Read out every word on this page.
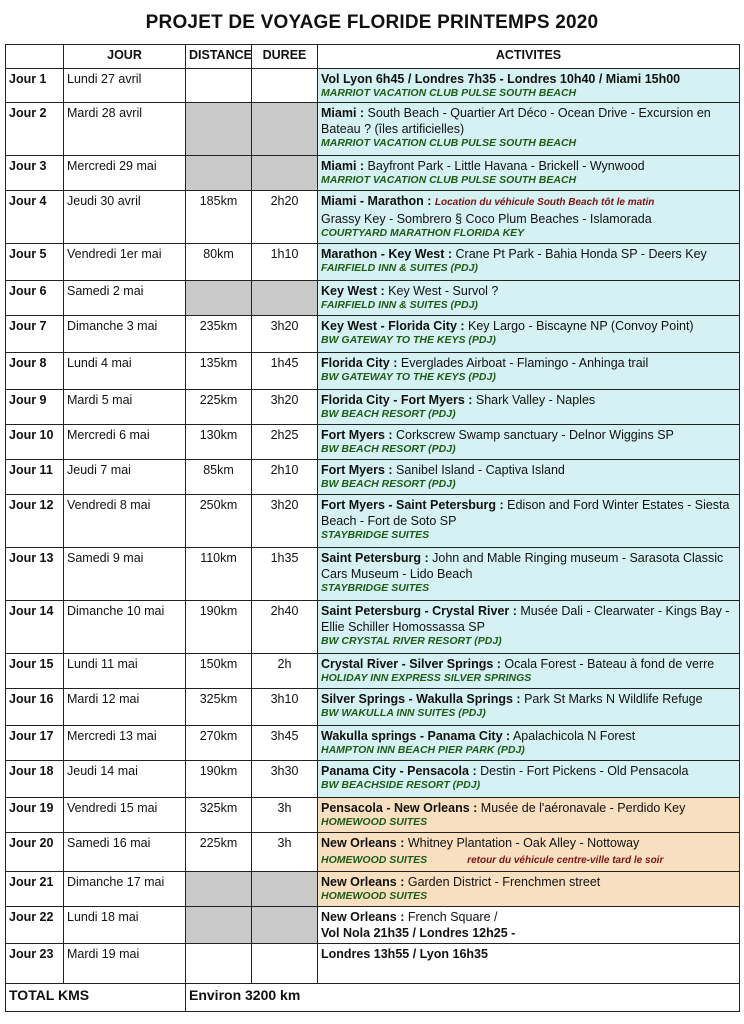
PROJET DE VOYAGE FLORIDE PRINTEMPS 2020
	JOUR	DISTANCE	DUREE	ACTIVITES
Jour 1	Lundi 27 avril			Vol Lyon 6h45 / Londres 7h35 - Londres 10h40 / Miami 15h00
MARRIOT VACATION CLUB PULSE SOUTH BEACH

Jour 2	Mardi 28 avril			Miami : South Beach - Quartier Art Déco - Ocean Drive - Excursion en Bateau ? (îles artificielles)
MARRIOT VACATION CLUB PULSE SOUTH BEACH

Jour 3	Mercredi 29 mai			Miami : Bayfront Park - Little Havana - Brickell - Wynwood
MARRIOT VACATION CLUB PULSE SOUTH BEACH

Jour 4	Jeudi 30 avril	185km	2h20	Miami - Marathon : Location du véhicule South Beach tôt le matin
Grassy Key - Sombrero § Coco Plum Beaches - Islamorada
COURTYARD MARATHON FLORIDA KEY

Jour 5	Vendredi 1er mai	80km	1h10	Marathon - Key West : Crane Pt Park - Bahia Honda SP - Deers Key
FAIRFIELD INN & SUITES (PDJ)

Jour 6	Samedi 2 mai			Key West : Key West - Survol ?
FAIRFIELD INN & SUITES (PDJ)

Jour 7	Dimanche 3 mai	235km	3h20	Key West - Florida City : Key Largo - Biscayne NP (Convoy Point)
BW GATEWAY TO THE KEYS (PDJ)

Jour 8	Lundi 4 mai	135km	1h45	Florida City : Everglades Airboat - Flamingo - Anhinga trail
BW GATEWAY TO THE KEYS (PDJ)

Jour 9	Mardi 5 mai	225km	3h20	Florida City - Fort Myers : Shark Valley - Naples
BW BEACH RESORT (PDJ)

Jour 10	Mercredi 6 mai	130km	2h25	Fort Myers : Corkscrew Swamp sanctuary - Delnor Wiggins SP
BW BEACH RESORT (PDJ)

Jour 11	Jeudi 7 mai	85km	2h10	Fort Myers : Sanibel Island - Captiva Island
BW BEACH RESORT (PDJ)

Jour 12	Vendredi 8 mai	250km	3h20	Fort Myers - Saint Petersburg : Edison and Ford Winter Estates - Siesta Beach - Fort de Soto SP
STAYBRIDGE SUITES

Jour 13	Samedi 9 mai	110km	1h35	Saint Petersburg : John and Mable Ringing museum - Sarasota Classic Cars Museum - Lido Beach
STAYBRIDGE SUITES

Jour 14	Dimanche 10 mai	190km	2h40	Saint Petersburg - Crystal River : Musée Dali - Clearwater - Kings Bay - Ellie Schiller Homossassa SP
BW CRYSTAL RIVER RESORT (PDJ)

Jour 15	Lundi 11 mai	150km	2h	Crystal River - Silver Springs : Ocala Forest - Bateau à fond de verre
HOLIDAY INN EXPRESS SILVER SPRINGS

Jour 16	Mardi 12 mai	325km	3h10	Silver Springs - Wakulla Springs : Park St Marks N Wildlife Refuge
BW WAKULLA INN SUITES (PDJ)

Jour 17	Mercredi 13 mai	270km	3h45	Wakulla springs - Panama City : Apalachicola N Forest
HAMPTON INN BEACH PIER PARK (PDJ)

Jour 18	Jeudi 14 mai	190km	3h30	Panama City - Pensacola : Destin - Fort Pickens - Old Pensacola
BW BEACHSIDE RESORT (PDJ)

Jour 19	Vendredi 15 mai	325km	3h	Pensacola - New Orleans : Musée de l'aéronavale - Perdido Key
HOMEWOOD SUITES

Jour 20	Samedi 16 mai	225km	3h	New Orleans : Whitney Plantation - Oak Alley - Nottoway
HOMEWOOD SUITES retour du véhicule centre-ville tard le soir

Jour 21	Dimanche 17 mai			New Orleans : Garden District - Frenchmen street
HOMEWOOD SUITES

Jour 22	Lundi 18 mai			New Orleans : French Square /
Vol Nola 21h35 / Londres 12h25 -

Jour 23	Mardi 19 mai			Londres 13h55 / Lyon 16h35
TOTAL KMS		Environ 3200 km		
